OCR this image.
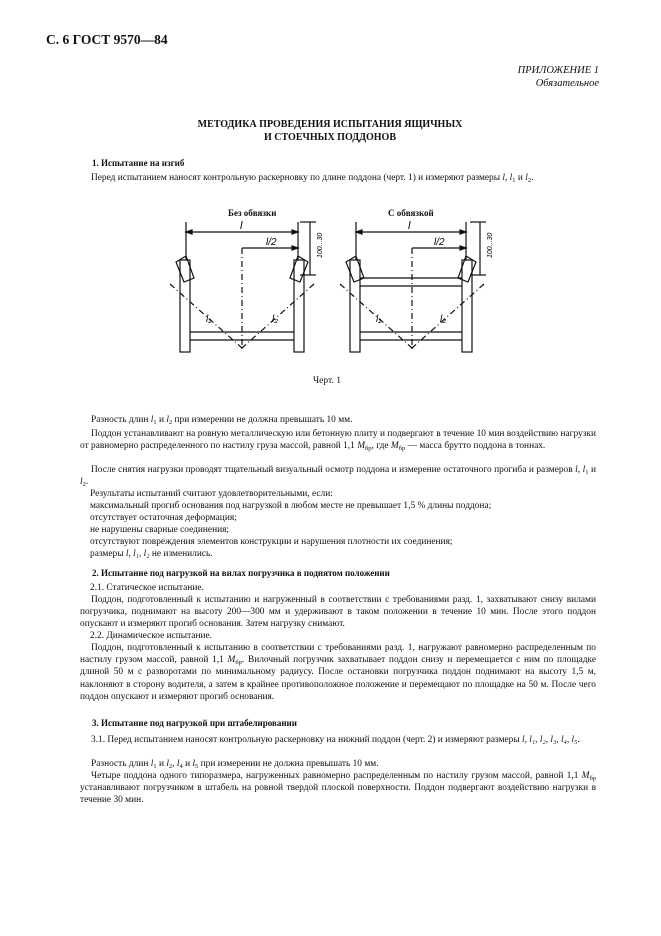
С. 6 ГОСТ 9570—84
ПРИЛОЖЕНИЕ 1
Обязательное
МЕТОДИКА ПРОВЕДЕНИЯ ИСПЫТАНИЯ ЯЩИЧНЫХ
И СТОЕЧНЫХ ПОДДОНОВ
1. Испытание на изгиб
Перед испытанием наносят контрольную раскерновку по длине поддона (черт. 1) и измеряют размеры l, $l_1$ и $l_2$.
Без обвязки	С обвязкой
l
l/2	100...30
l₁	l₂
l
l/2	100...30
l₁	l₂
Черт. 1
Разность длин $l_1$ и $l_2$ при измерении не должна превышать 10 мм.
Поддон устанавливают на ровную металлическую или бетонную плиту и подвергают в течение 10 мин воздействию нагрузки от равномерно распределенного по настилу груза массой, равной 1,1 $M_{бр}$, где $M_{бр}$ — масса брутто поддона в тоннах.
После снятия нагрузки проводят тщательный визуальный осмотр поддона и измерение остаточного прогиба и размеров l, $l_1$ и $l_2$.
Результаты испытаний считают удовлетворительными, если:
максимальный прогиб основания под нагрузкой в любом месте не превышает 1,5 % длины поддона;
отсутствует остаточная деформация;
не нарушены сварные соединения;
отсутствуют повреждения элементов конструкции и нарушения плотности их соединения;
размеры l, l₁, l₂ не изменились.
2. Испытание под нагрузкой на вилах погрузчика в поднятом положении
2.1. Статическое испытание.
Поддон, подготовленный к испытанию и нагруженный в соответствии с требованиями разд. 1, захватывают снизу вилами погрузчика, поднимают на высоту 200—300 мм и удерживают в таком положении в течение 10 мин. После этого поддон опускают и измеряют прогиб основания. Затем нагрузку снимают.
2.2. Динамическое испытание.
Поддон, подготовленный к испытанию в соответствии с требованиями разд. 1, нагружают равномерно распределенным по настилу грузом массой, равной 1,1 $M_{бр}$. Вилочный погрузчик захватывает поддон снизу и перемещается с ним по площадке длиной 50 м с разворотами по минимальному радиусу. После остановки погрузчика поддон поднимают на высоту 1,5 м, наклоняют в сторону водителя, а затем в крайнее противоположное положение и перемещают по площадке на 50 м. После чего поддон опускают и измеряют прогиб основания.
3. Испытание под нагрузкой при штабелировании
3.1. Перед испытанием наносят контрольную раскерновку на нижний поддон (черт. 2) и измеряют размеры l, l₁, l₂, l₃, l₄, l₅.
Разность длин $l_1$ и $l_2$, $l_4$ и $l_5$ при измерении не должна превышать 10 мм.
Четыре поддона одного типоразмера, нагруженных равномерно распределенным по настилу грузом массой, равной 1,1 $M_{бр}$ устанавливают погрузчиком в штабель на ровной твердой плоской поверхности. Поддон подвергают воздействию нагрузки в течение 30 мин.
